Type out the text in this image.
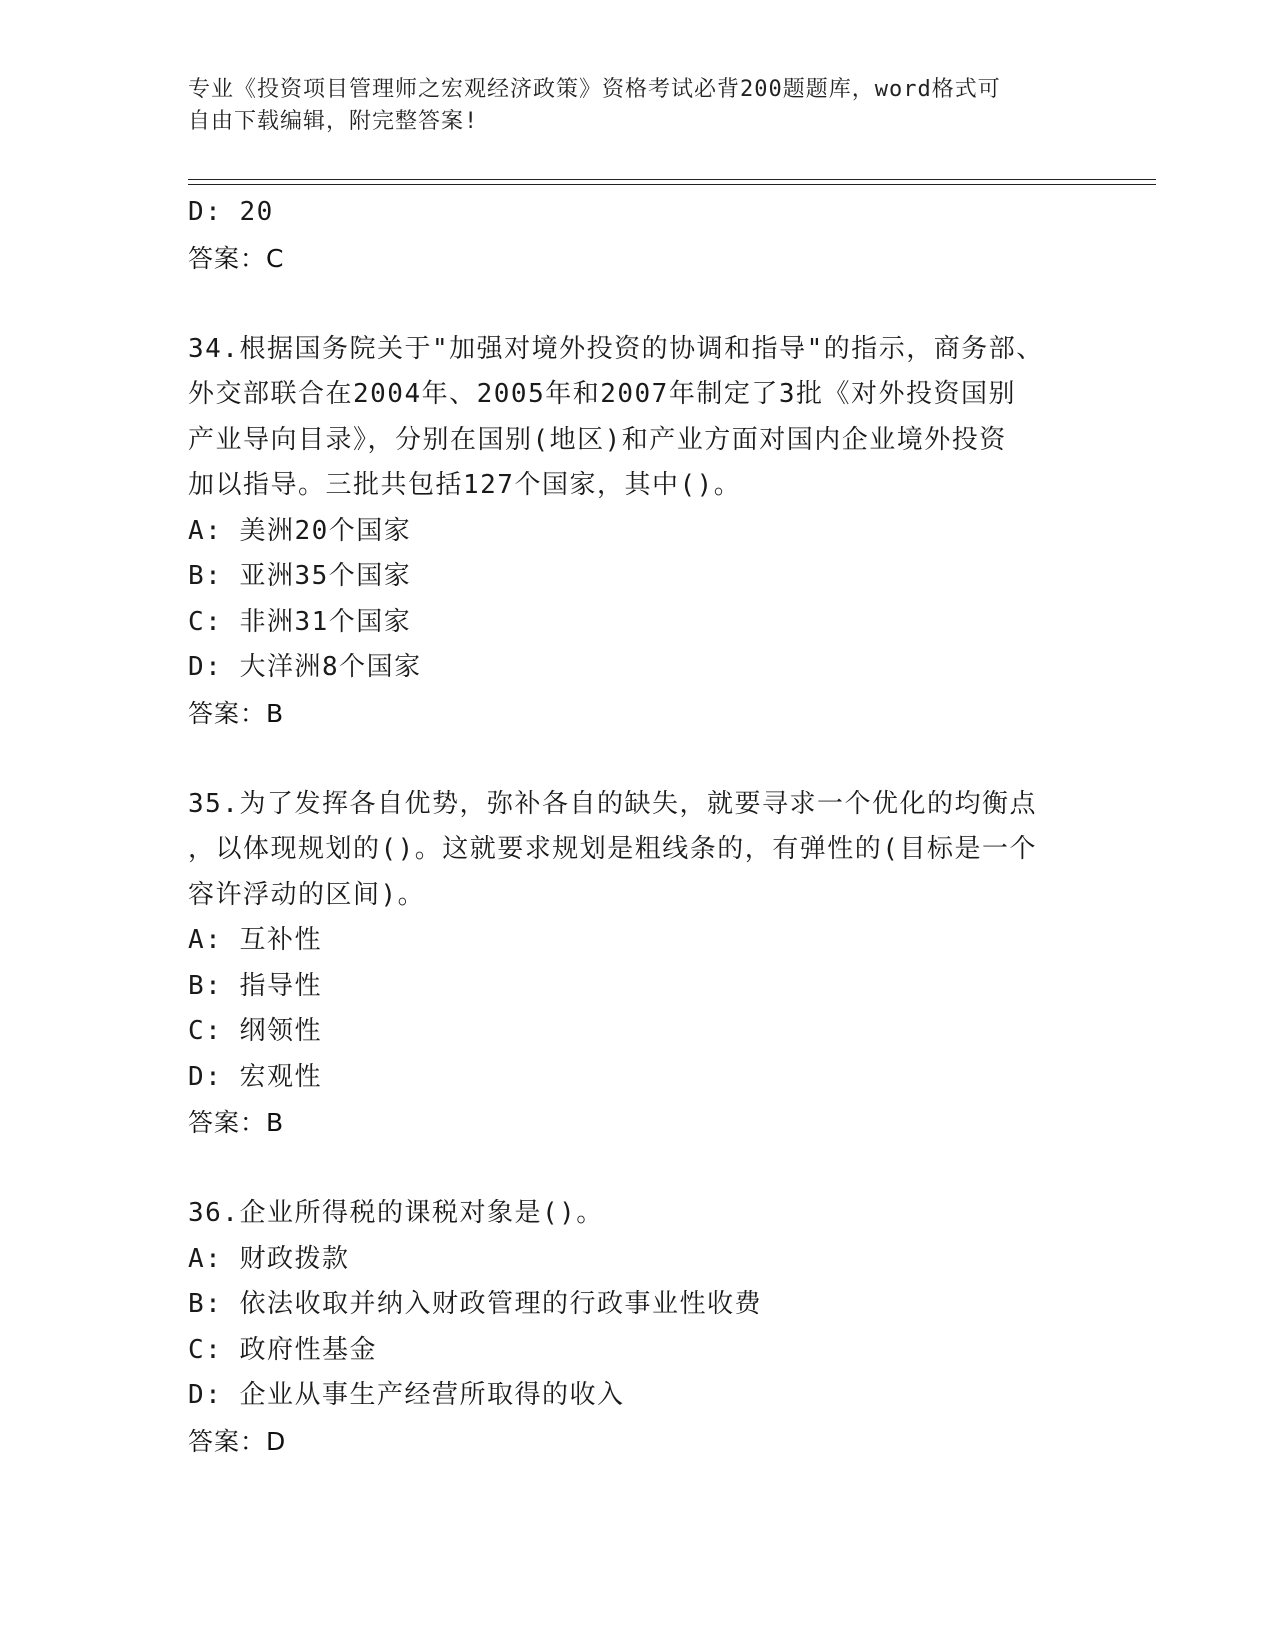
专业《投资项目管理师之宏观经济政策》资格考试必背200题题库，word格式可
自由下载编辑，附完整答案!
D: 20
答案：C
34.根据国务院关于"加强对境外投资的协调和指导"的指示，商务部、
外交部联合在2004年、2005年和2007年制定了3批《对外投资国别
产业导向目录》，分别在国别(地区)和产业方面对国内企业境外投资
加以指导。三批共包括127个国家，其中()。
A: 美洲20个国家
B: 亚洲35个国家
C: 非洲31个国家
D: 大洋洲8个国家
答案：B
35.为了发挥各自优势，弥补各自的缺失，就要寻求一个优化的均衡点
，以体现规划的()。这就要求规划是粗线条的，有弹性的(目标是一个
容许浮动的区间)。
A: 互补性
B: 指导性
C: 纲领性
D: 宏观性
答案：B
36.企业所得税的课税对象是()。
A: 财政拨款
B: 依法收取并纳入财政管理的行政事业性收费
C: 政府性基金
D: 企业从事生产经营所取得的收入
答案：D
